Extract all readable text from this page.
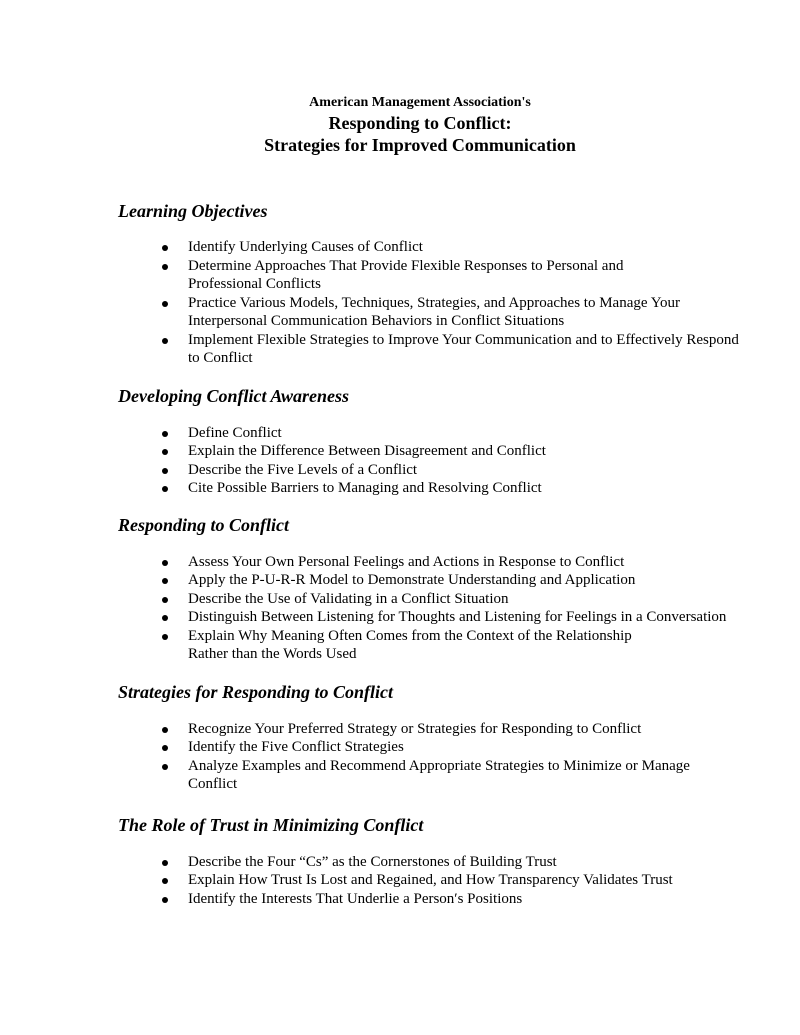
American Management Association's
Responding to Conflict:
Strategies for Improved Communication
Learning Objectives
Identify Underlying Causes of Conflict
Determine Approaches That Provide Flexible Responses to Personal and Professional Conflicts
Practice Various Models, Techniques, Strategies, and Approaches to Manage Your Interpersonal Communication Behaviors in Conflict Situations
Implement Flexible Strategies to Improve Your Communication and to Effectively Respond to Conflict
Developing Conflict Awareness
Define Conflict
Explain the Difference Between Disagreement and Conflict
Describe the Five Levels of a Conflict
Cite Possible Barriers to Managing and Resolving Conflict
Responding to Conflict
Assess Your Own Personal Feelings and Actions in Response to Conflict
Apply the P-U-R-R Model to Demonstrate Understanding and Application
Describe the Use of Validating in a Conflict Situation
Distinguish Between Listening for Thoughts and Listening for Feelings in a Conversation
Explain Why Meaning Often Comes from the Context of the Relationship Rather than the Words Used
Strategies for Responding to Conflict
Recognize Your Preferred Strategy or Strategies for Responding to Conflict
Identify the Five Conflict Strategies
Analyze Examples and Recommend Appropriate Strategies to Minimize or Manage Conflict
The Role of Trust in Minimizing Conflict
Describe the Four “Cs” as the Cornerstones of Building Trust
Explain How Trust Is Lost and Regained, and How Transparency Validates Trust
Identify the Interests That Underlie a Person′s Positions
